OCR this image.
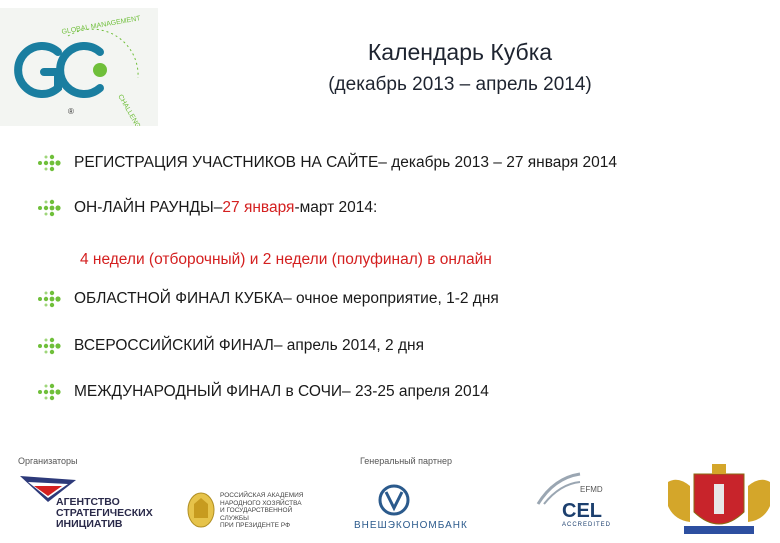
GLOBAL MANAGEMENT
CHALLENGE
®
Календарь Кубка
(декабрь 2013 – апрель 2014)
РЕГИСТРАЦИЯ УЧАСТНИКОВ НА САЙТЕ – декабрь 2013 – 27 января 2014
ОН-ЛАЙН РАУНДЫ – 27 января -март 2014:
ОБЛАСТНОЙ ФИНАЛ КУБКА – очное мероприятие, 1-2 дня
ВСЕРОССИЙСКИЙ ФИНАЛ – апрель 2014, 2 дня
МЕЖДУНАРОДНЫЙ ФИНАЛ в СОЧИ – 23-25 апреля 2014
4 недели (отборочный) и 2 недели (полуфинал) в онлайн
Организаторы	Генеральный партнер
АГЕНТСТВО
СТРАТЕГИЧЕСКИХ
ИНИЦИАТИВ
РОССИЙСКАЯ АКАДЕМИЯ
НАРОДНОГО ХОЗЯЙСТВА
И ГОСУДАРСТВЕННОЙ СЛУЖБЫ
ПРИ ПРЕЗИДЕНТЕ РФ	ВНЕШЭКОНОМБАНК
EFMD
CEL
ACCREDITED
